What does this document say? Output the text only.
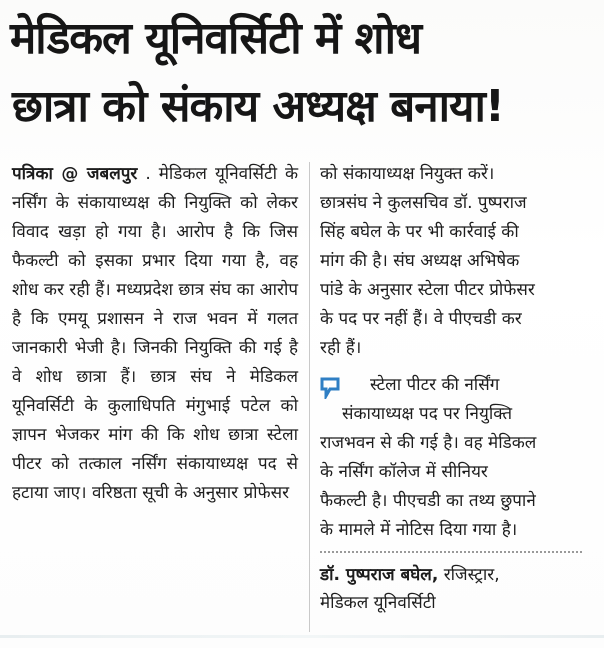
मेडिकल यूनिवर्सिटी में शोध
छात्रा को संकाय अध्यक्ष बनाया!

पत्रिका @ जबलपुर . मेडिकल यूनिवर्सिटी के नर्सिंग के संकायाध्यक्ष की नियुक्ति को लेकर विवाद खड़ा हो गया है। आरोप है कि जिस फैकल्टी को इसका प्रभार दिया गया है, वह शोध कर रही हैं। मध्यप्रदेश छात्र संघ का आरोप है कि एमयू प्रशासन ने राज भवन में गलत जानकारी भेजी है। जिनकी नियुक्ति की गई है वे शोध छात्रा हैं। छात्र संघ ने मेडिकल यूनिवर्सिटी के कुलाधिपति मंगुभाई पटेल को ज्ञापन भेजकर मांग की कि शोध छात्रा स्टेला पीटर को तत्काल नर्सिंग संकायाध्यक्ष पद से हटाया जाए। वरिष्ठता सूची के अनुसार प्रोफेसर

को संकायाध्यक्ष नियुक्त करें।
छात्रसंघ ने कुलसचिव डॉ. पुष्पराज
सिंह बघेल के पर भी कार्रवाई की
मांग की है। संघ अध्यक्ष अभिषेक
पांडे के अनुसार स्टेला पीटर प्रोफेसर
के पद पर नहीं हैं। वे पीएचडी कर
रही हैं।
स्टेला पीटर की नर्सिंग
संकायाध्यक्ष पद पर नियुक्ति
राजभवन से की गई है। वह मेडिकल
के नर्सिंग कॉलेज में सीनियर
फैकल्टी है। पीएचडी का तथ्य छुपाने
के मामले में नोटिस दिया गया है।
डॉ. पुष्पराज बघेल, रजिस्ट्रार,
मेडिकल यूनिवर्सिटी
